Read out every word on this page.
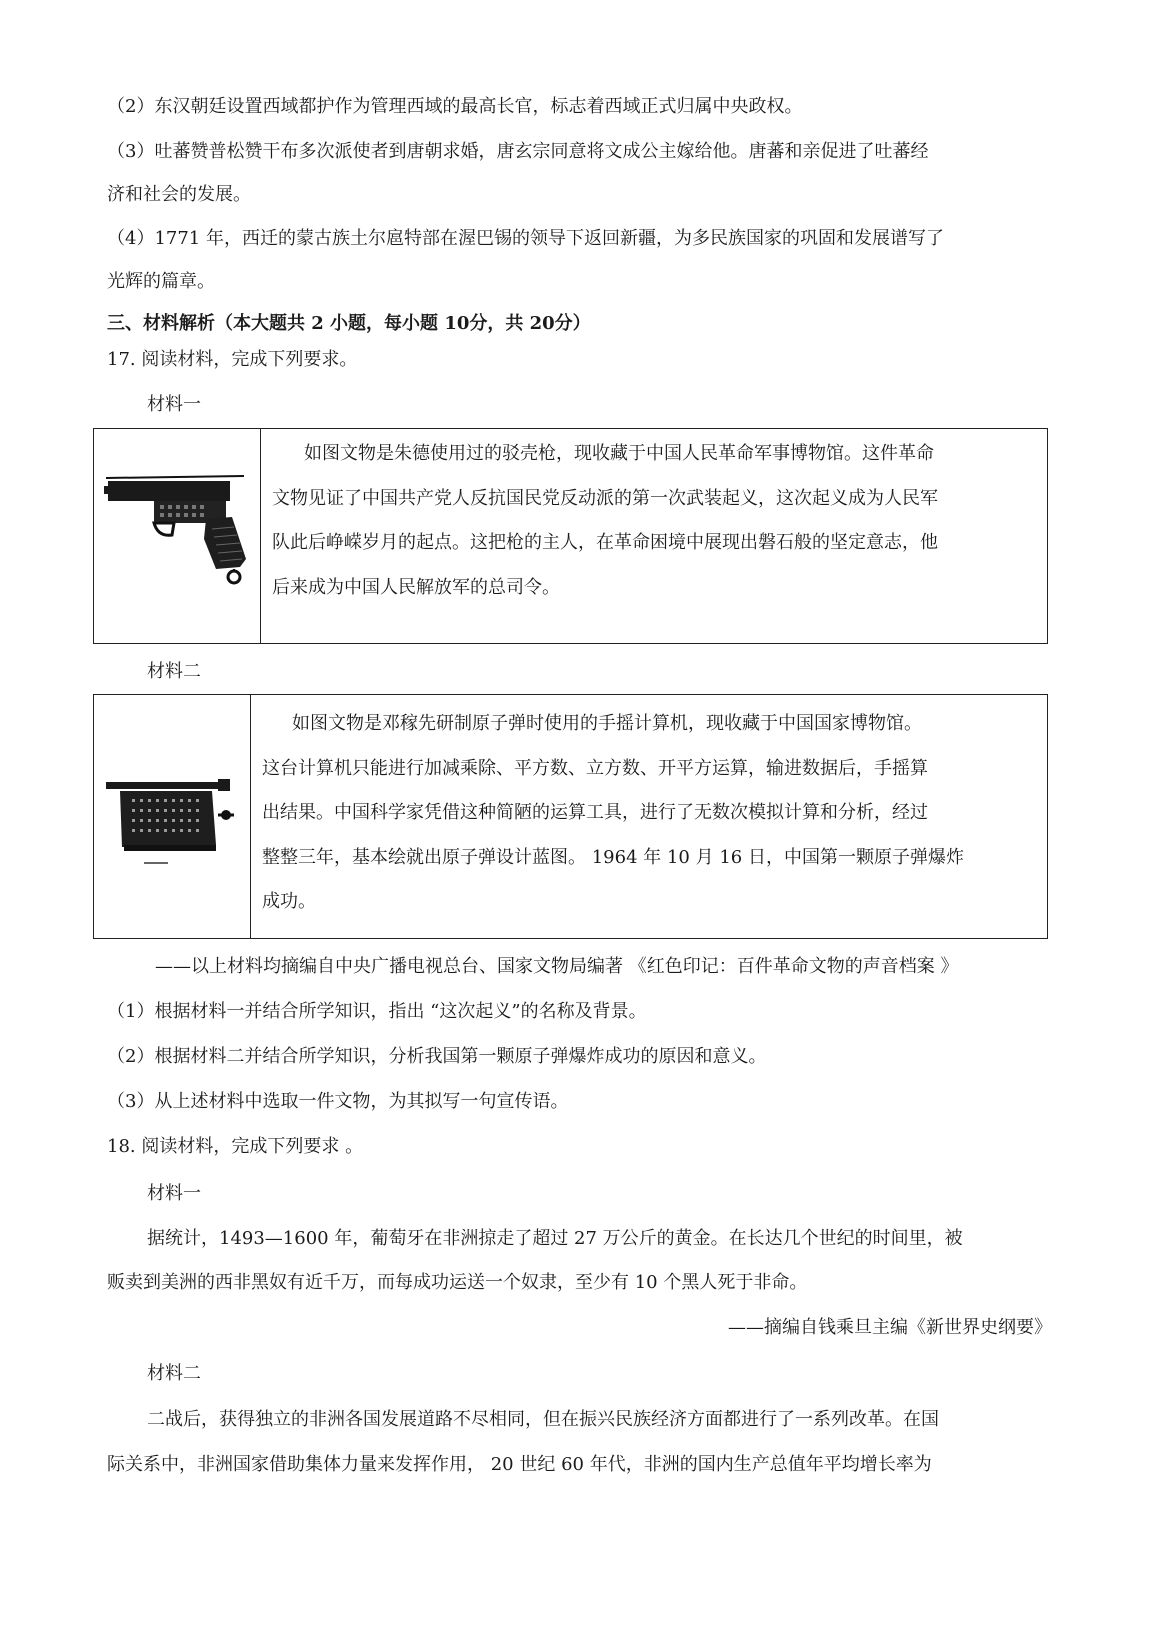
（2）东汉朝廷设置西域都护作为管理西域的最高长官，标志着西域正式归属中央政权。

（3）吐蕃赞普松赞干布多次派使者到唐朝求婚，唐玄宗同意将文成公主嫁给他。唐蕃和亲促进了吐蕃经

济和社会的发展。

（4）1771 年，西迁的蒙古族土尔扈特部在渥巴锡的领导下返回新疆，为多民族国家的巩固和发展谱写了

光辉的篇章。

三、材料解析（本大题共 2 小题，每小题 10分，共 20分）

17. 阅读材料，完成下列要求。

材料一

如图文物是朱德使用过的驳壳枪，现收藏于中国人民革命军事博物馆。这件革命

文物见证了中国共产党人反抗国民党反动派的第一次武装起义，这次起义成为人民军

队此后峥嵘岁月的起点。这把枪的主人，在革命困境中展现出磐石般的坚定意志，他

后来成为中国人民解放军的总司令。

材料二

如图文物是邓稼先研制原子弹时使用的手摇计算机，现收藏于中国国家博物馆。

这台计算机只能进行加减乘除、平方数、立方数、开平方运算，输进数据后，手摇算

出结果。中国科学家凭借这种简陋的运算工具，进行了无数次模拟计算和分析，经过

整整三年，基本绘就出原子弹设计蓝图。 1964 年 10 月 16 日，中国第一颗原子弹爆炸

成功。

——以上材料均摘编自中央广播电视总台、国家文物局编著 《红色印记：百件革命文物的声音档案 》

（1）根据材料一并结合所学知识，指出 “这次起义”的名称及背景。

（2）根据材料二并结合所学知识，分析我国第一颗原子弹爆炸成功的原因和意义。

（3）从上述材料中选取一件文物，为其拟写一句宣传语。

18. 阅读材料，完成下列要求 。

材料一

据统计，1493—1600 年，葡萄牙在非洲掠走了超过 27 万公斤的黄金。在长达几个世纪的时间里，被

贩卖到美洲的西非黑奴有近千万，而每成功运送一个奴隶，至少有 10 个黑人死于非命。

——摘编自钱乘旦主编《新世界史纲要》

材料二

二战后，获得独立的非洲各国发展道路不尽相同，但在振兴民族经济方面都进行了一系列改革。在国

际关系中，非洲国家借助集体力量来发挥作用， 20 世纪 60 年代，非洲的国内生产总值年平均增长率为
